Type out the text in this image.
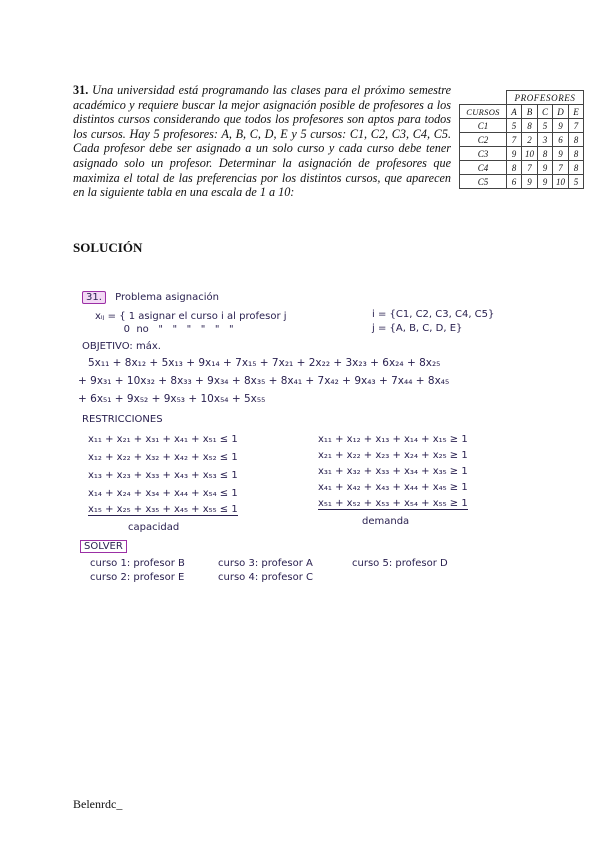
31. Una universidad está programando las clases para el próximo semestre académico y requiere buscar la mejor asignación posible de profesores a los distintos cursos considerando que todos los profesores son aptos para todos los cursos. Hay 5 profesores: A, B, C, D, E y 5 cursos: C1, C2, C3, C4, C5. Cada profesor debe ser asignado a un solo curso y cada curso debe tener asignado solo un profesor. Determinar la asignación de profesores que maximiza el total de las preferencias por los distintos cursos, que aparecen en la siguiente tabla en una escala de 1 a 10:
	PROFESORES				
CURSOS	A	B	C	D	E
C1	5	8	5	9	7
C2	7	2	3	6	8
C3	9	10	8	9	8
C4	8	7	9	7	8
C5	6	9	9	10	5
SOLUCIÓN
31. Problema asignación
xᵢⱼ = { 1 asignar el curso i al profesor j
0  no   "   "   "   "   "   "
i = {C1, C2, C3, C4, C5}
j = {A, B, C, D, E}
OBJETIVO: máx.
5x₁₁ + 8x₁₂ + 5x₁₃ + 9x₁₄ + 7x₁₅ + 7x₂₁ + 2x₂₂ + 3x₂₃ + 6x₂₄ + 8x₂₅
+ 9x₃₁ + 10x₃₂ + 8x₃₃ + 9x₃₄ + 8x₃₅ + 8x₄₁ + 7x₄₂ + 9x₄₃ + 7x₄₄ + 8x₄₅
+ 6x₅₁ + 9x₅₂ + 9x₅₃ + 10x₅₄ + 5x₅₅
RESTRICCIONES
x₁₁ + x₂₁ + x₃₁ + x₄₁ + x₅₁ ≤ 1
x₁₂ + x₂₂ + x₃₂ + x₄₂ + x₅₂ ≤ 1
x₁₃ + x₂₃ + x₃₃ + x₄₃ + x₅₃ ≤ 1
x₁₄ + x₂₄ + x₃₄ + x₄₄ + x₅₄ ≤ 1
x₁₅ + x₂₅ + x₃₅ + x₄₅ + x₅₅ ≤ 1
capacidad
x₁₁ + x₁₂ + x₁₃ + x₁₄ + x₁₅ ≥ 1
x₂₁ + x₂₂ + x₂₃ + x₂₄ + x₂₅ ≥ 1
x₃₁ + x₃₂ + x₃₃ + x₃₄ + x₃₅ ≥ 1
x₄₁ + x₄₂ + x₄₃ + x₄₄ + x₄₅ ≥ 1
x₅₁ + x₅₂ + x₅₃ + x₅₄ + x₅₅ ≥ 1
demanda
SOLVER
curso 1: profesor B
curso 2: profesor E
curso 3: profesor A
curso 4: profesor C
curso 5: profesor D
Belenrdc_
